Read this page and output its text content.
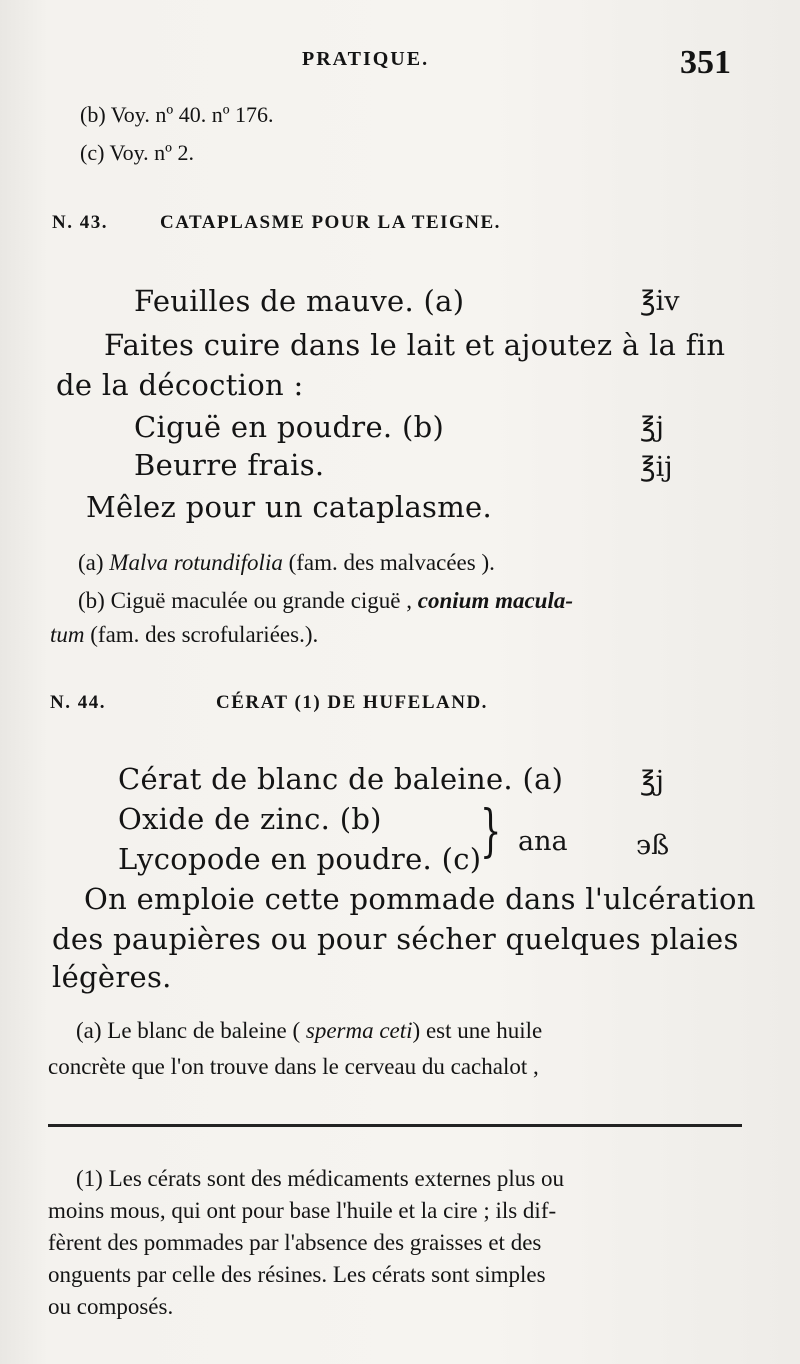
PRATIQUE.	351
(b) Voy. nº 40. nº 176.
(c) Voy. nº 2.
N. 43.	CATAPLASME POUR LA TEIGNE.
Feuilles de mauve. (a)	℥iv
Faites cuire dans le lait et ajoutez à la fin
de la décoction :
Ciguë en poudre. (b)	℥j
Beurre frais.	℥ij
Mêlez pour un cataplasme.
(a) Malva rotundifolia (fam. des malvacées ).
(b) Ciguë maculée ou grande ciguë , conium macula-
tum (fam. des scrofulariées.).
N. 44.	CÉRAT (1) DE HUFELAND.
Cérat de blanc de baleine. (a)	℥j
Oxide de zinc. (b)
Lycopode en poudre. (c)
} ana	϶ß
On emploie cette pommade dans l'ulcération
des paupières ou pour sécher quelques plaies
légères.
(a) Le blanc de baleine ( sperma ceti) est une huile
concrète que l'on trouve dans le cerveau du cachalot ,
(1) Les cérats sont des médicaments externes plus ou
moins mous, qui ont pour base l'huile et la cire ; ils dif-
fèrent des pommades par l'absence des graisses et des
onguents par celle des résines. Les cérats sont simples
ou composés.
